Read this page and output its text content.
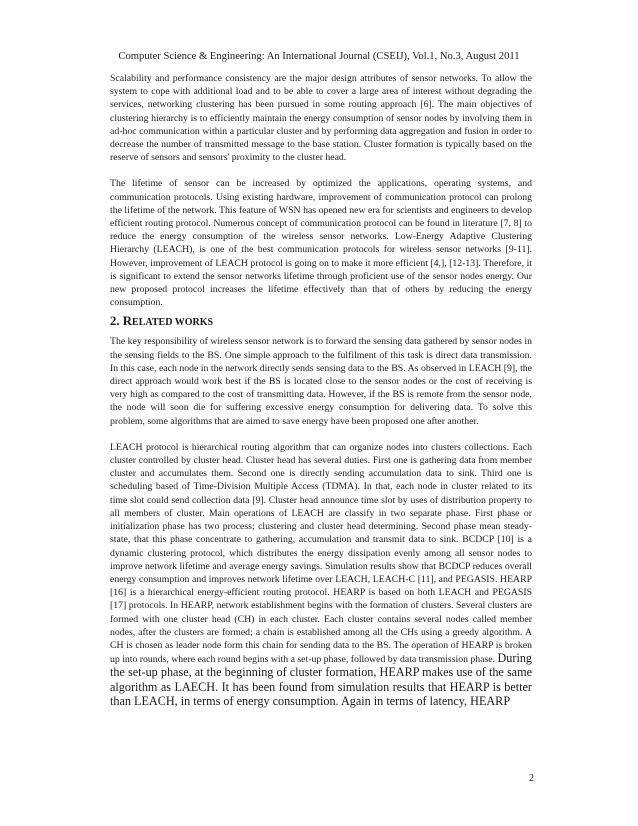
Computer Science & Engineering: An International Journal (CSEIJ), Vol.1, No.3, August 2011

Scalability and performance consistency are the major design attributes of sensor networks. To allow the system to cope with additional load and to be able to cover a large area of interest without degrading the services, networking clustering has been pursued in some routing approach [6]. The main objectives of clustering hierarchy is to efficiently maintain the energy consumption of sensor nodes by involving them in ad-hoc communication within a particular cluster and by performing data aggregation and fusion in order to decrease the number of transmitted message to the base station. Cluster formation is typically based on the reserve of sensors and sensors' proximity to the cluster head.

The lifetime of sensor can be increased by optimized the applications, operating systems, and communication protocols. Using existing hardware, improvement of communication protocol can prolong the lifetime of the network. This feature of WSN has opened new era for scientists and engineers to develop efficient routing protocol. Numerous concept of communication protocol can be found in literature [7, 8] to reduce the energy consumption of the wireless sensor networks. Low-Energy Adaptive Clustering Hierarchy (LEACH), is one of the best communication protocols for wireless sensor networks [9-11]. However, improvement of LEACH protocol is going on to make it more efficient [4,], [12-13]. Therefore, it is significant to extend the sensor networks lifetime through proficient use of the sensor nodes energy. Our new proposed protocol increases the lifetime effectively than that of others by reducing the energy consumption.

2. RELATED WORKS

The key responsibility of wireless sensor network is to forward the sensing data gathered by sensor nodes in the sensing fields to the BS. One simple approach to the fulfilment of this task is direct data transmission. In this case, each node in the network directly sends sensing data to the BS. As observed in LEACH [9], the direct approach would work best if the BS is located close to the sensor nodes or the cost of receiving is very high as compared to the cost of transmitting data. However, if the BS is remote from the sensor node, the node will soon die for suffering excessive energy consumption for delivering data. To solve this problem, some algorithms that are aimed to save energy have been proposed one after another.

LEACH protocol is hierarchical routing algorithm that can organize nodes into clusters collections. Each cluster controlled by cluster head. Cluster head has several duties. First one is gathering data from member cluster and accumulates them. Second one is directly sending accumulation data to sink. Third one is scheduling based of Time-Division Multiple Access (TDMA). In that, each node in cluster related to its time slot could send collection data [9]. Cluster head announce time slot by uses of distribution property to all members of cluster. Main operations of LEACH are classify in two separate phase. First phase or initialization phase has two process; clustering and cluster head determining. Second phase mean steady-state, that this phase concentrate to gathering, accumulation and transmit data to sink. BCDCP [10] is a dynamic clustering protocol, which distributes the energy dissipation evenly among all sensor nodes to improve network lifetime and average energy savings. Simulation results show that BCDCP reduces overall energy consumption and improves network lifetime over LEACH, LEACH-C [11], and PEGASIS. HEARP [16] is a hierarchical energy-efficient routing protocol. HEARP is based on both LEACH and PEGASIS [17] protocols. In HEARP, network establishment begins with the formation of clusters. Several clusters are formed with one cluster head (CH) in each cluster. Each cluster contains several nodes called member nodes, after the clusters are formed; a chain is established among all the CHs using a greedy algorithm. A CH is chosen as leader node form this chain for sending data to the BS. The operation of HEARP is broken up into rounds, where each round begins with a set-up phase, followed by data transmission phase. During the set-up phase, at the beginning of cluster formation, HEARP makes use of the same algorithm as LAECH. It has been found from simulation results that HEARP is better than LEACH, in terms of energy consumption. Again in terms of latency, HEARP

2
